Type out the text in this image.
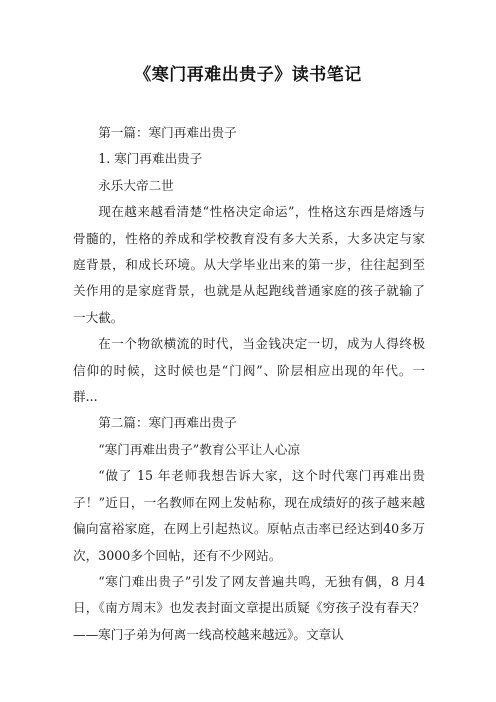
《寒门再难出贵子》读书笔记

第一篇：寒门再难出贵子

1. 寒门再难出贵子

永乐大帝二世

现在越来越看清楚“性格决定命运”，性格这东西是熔透与骨髓的，性格的养成和学校教育没有多大关系，大多决定与家庭背景，和成长环境。从大学毕业出来的第一步，往往起到至关作用的是家庭背景，也就是从起跑线普通家庭的孩子就输了一大截。

在一个物欲横流的时代，当金钱决定一切，成为人得终极信仰的时候，这时候也是“门阀”、阶层相应出现的年代。一群...

第二篇：寒门再难出贵子

“寒门再难出贵子”教育公平让人心凉

“做了 15 年老师我想告诉大家，这个时代寒门再难出贵子！”近日，一名教师在网上发帖称，现在成绩好的孩子越来越偏向富裕家庭，在网上引起热议。原帖点击率已经达到40多万次，3000多个回帖，还有不少网站。

“寒门难出贵子”引发了网友普遍共鸣，无独有偶，8 月4日，《南方周末》也发表封面文章提出质疑《穷孩子没有春天？——寒门子弟为何离一线高校越来越远》。文章认
